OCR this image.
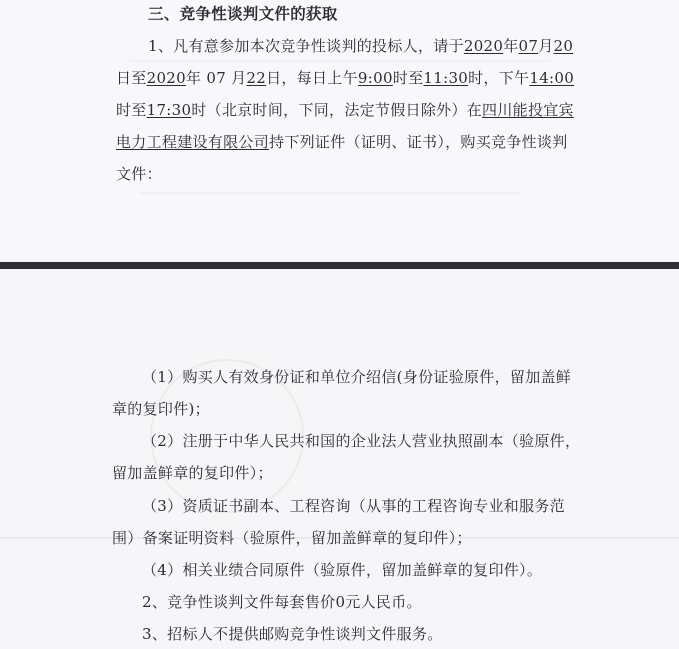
三、竞争性谈判文件的获取
1、凡有意参加本次竞争性谈判的投标人，请于2020年07月20
日至2020年 07 月22日，每日上午9:00时至11:30时，下午14:00
时至17:30时（北京时间，下同，法定节假日除外）在四川能投宜宾
电力工程建设有限公司持下列证件（证明、证书），购买竞争性谈判
文件：
（1）购买人有效身份证和单位介绍信(身份证验原件，留加盖鲜
章的复印件)；
（2）注册于中华人民共和国的企业法人营业执照副本（验原件，
留加盖鲜章的复印件）；
（3）资质证书副本、工程咨询（从事的工程咨询专业和服务范
围）备案证明资料（验原件，留加盖鲜章的复印件）；
（4）相关业绩合同原件（验原件，留加盖鲜章的复印件）。
2、竞争性谈判文件每套售价0元人民币。
3、招标人不提供邮购竞争性谈判文件服务。
